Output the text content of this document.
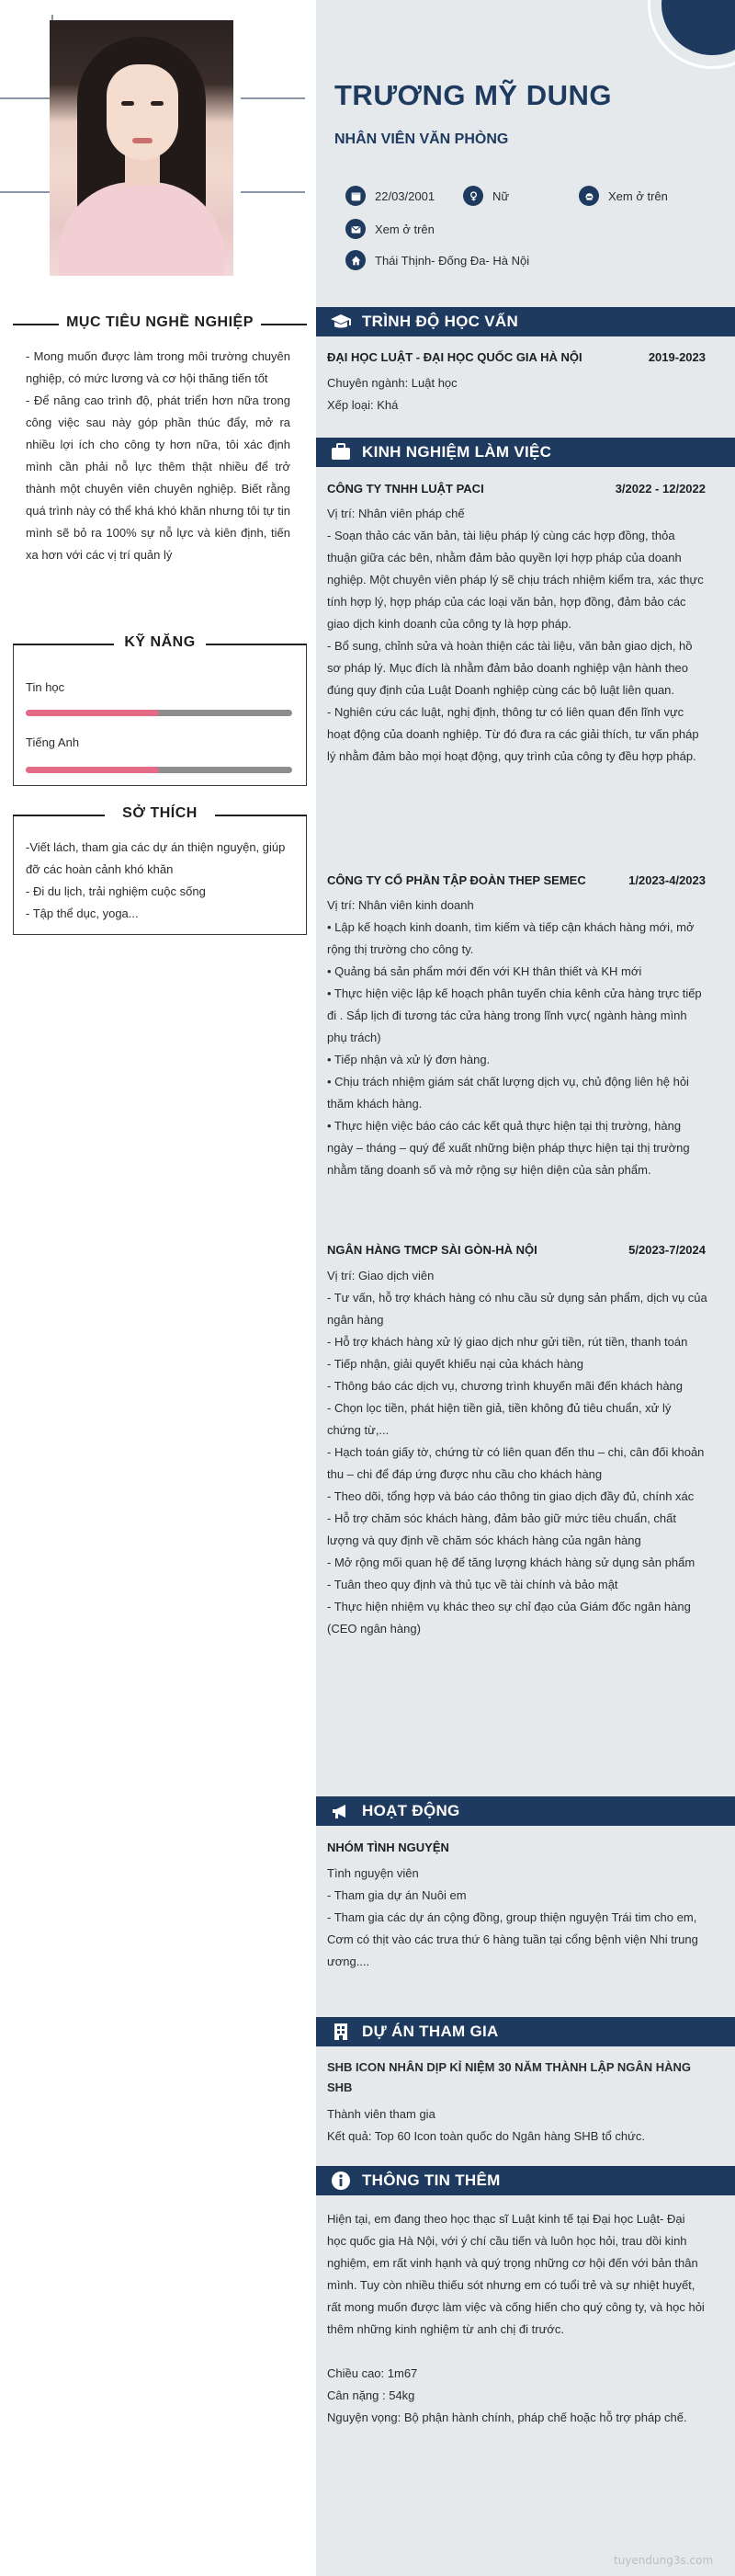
MỤC TIÊU NGHỀ NGHIỆP

- Mong muốn được làm trong môi trường chuyên nghiệp, có mức lương và cơ hội thăng tiến tốt

- Để nâng cao trình độ, phát triển hơn nữa trong công việc sau này góp phần thúc đẩy, mở ra nhiều lợi ích cho công ty hơn nữa, tôi xác định mình cần phải nỗ lực thêm thật nhiều để trở thành một chuyên viên chuyên nghiệp. Biết rằng quá trình này có thể khá khó khăn nhưng tôi tự tin mình sẽ bỏ ra 100% sự nỗ lực và kiên định, tiến xa hơn với các vị trí quản lý

KỸ NĂNG
Tin học
Tiếng Anh
SỞ THÍCH

-Viết lách, tham gia các dự án thiện nguyện, giúp đỡ các hoàn cảnh khó khăn

- Đi du lịch, trải nghiệm cuộc sống

- Tập thể dục, yoga...

TRƯƠNG MỸ DUNG
NHÂN VIÊN VĂN PHÒNG
22/03/2001	Nữ	Xem ở trên
Xem ở trên
Thái Thịnh- Đống Đa- Hà Nội
TRÌNH ĐỘ HỌC VẤN
ĐẠI HỌC LUẬT - ĐẠI HỌC QUỐC GIA HÀ NỘI	2019-2023

Chuyên ngành: Luật học

Xếp loại: Khá

KINH NGHIỆM LÀM VIỆC
CÔNG TY TNHH LUẬT PACI	3/2022 - 12/2022

Vị trí: Nhân viên pháp chế

- Soạn thảo các văn bản, tài liệu pháp lý cùng các hợp đồng, thỏa thuận giữa các bên, nhằm đảm bảo quyền lợi hợp pháp của doanh nghiệp. Một chuyên viên pháp lý sẽ chịu trách nhiệm kiểm tra, xác thực tính hợp lý, hợp pháp của các loại văn bản, hợp đồng, đảm bảo các giao dịch kinh doanh của công ty là hợp pháp.

- Bổ sung, chỉnh sửa và hoàn thiện các tài liệu, văn bản giao dịch, hồ sơ pháp lý. Mục đích là nhằm đảm bảo doanh nghiệp vận hành theo đúng quy định của Luật Doanh nghiệp cùng các bộ luật liên quan.

- Nghiên cứu các luật, nghị định, thông tư có liên quan đến lĩnh vực hoạt động của doanh nghiệp. Từ đó đưa ra các giải thích, tư vấn pháp lý nhằm đảm bảo mọi hoạt động, quy trình của công ty đều hợp pháp.

CÔNG TY CỔ PHẦN TẬP ĐOÀN THEP SEMEC	1/2023-4/2023

Vị trí: Nhân viên kinh doanh

• Lập kế hoạch kinh doanh, tìm kiếm và tiếp cận khách hàng mới, mở rộng thị trường cho công ty.

• Quảng bá sản phẩm mới đến với KH thân thiết và KH mới

• Thực hiện việc lập kế hoạch phân tuyến chia kênh cửa hàng trực tiếp đi . Sắp lịch đi tương tác cửa hàng trong lĩnh vực( ngành hàng mình phụ trách)

• Tiếp nhận và xử lý đơn hàng.

• Chịu trách nhiệm giám sát chất lượng dịch vụ, chủ động liên hệ hỏi thăm khách hàng.

• Thực hiện việc báo cáo các kết quả thực hiện tại thị trường, hàng ngày – tháng – quý để xuất những biện pháp thực hiện tại thị trường nhằm tăng doanh số và mở rộng sự hiện diện của sản phẩm.

NGÂN HÀNG TMCP SÀI GÒN-HÀ NỘI	5/2023-7/2024

Vị trí: Giao dịch viên

- Tư vấn, hỗ trợ khách hàng có nhu cầu sử dụng sản phẩm, dịch vụ của ngân hàng

- Hỗ trợ khách hàng xử lý giao dịch như gửi tiền, rút tiền, thanh toán

- Tiếp nhận, giải quyết khiếu nại của khách hàng

- Thông báo các dịch vụ, chương trình khuyến mãi đến khách hàng

- Chọn lọc tiền, phát hiện tiền giả, tiền không đủ tiêu chuẩn, xử lý chứng từ,...

- Hạch toán giấy tờ, chứng từ có liên quan đến thu – chi, cân đối khoản thu – chi để đáp ứng được nhu cầu cho khách hàng

- Theo dõi, tổng hợp và báo cáo thông tin giao dịch đầy đủ, chính xác

- Hỗ trợ chăm sóc khách hàng, đảm bảo giữ mức tiêu chuẩn, chất lượng và quy định về chăm sóc khách hàng của ngân hàng

- Mở rộng mối quan hệ để tăng lượng khách hàng sử dụng sản phẩm

- Tuân theo quy định và thủ tục về tài chính và bảo mật

- Thực hiện nhiệm vụ khác theo sự chỉ đạo của Giám đốc ngân hàng (CEO ngân hàng)

HOẠT ĐỘNG
NHÓM TÌNH NGUYỆN

Tình nguyện viên

- Tham gia dự án Nuôi em

- Tham gia các dự án cộng đồng, group thiện nguyện Trái tim cho em, Cơm có thịt vào các trưa thứ 6 hàng tuần tại cổng bệnh viện Nhi trung ương....

DỰ ÁN THAM GIA
SHB ICON NHÂN DỊP KỈ NIỆM 30 NĂM THÀNH LẬP NGÂN HÀNG SHB

Thành viên tham gia

Kết quả: Top 60 Icon toàn quốc do Ngân hàng SHB tổ chức.

THÔNG TIN THÊM

Hiện tại, em đang theo học thạc sĩ Luật kinh tế tại Đại học Luật- Đại học quốc gia Hà Nội, với ý chí cầu tiến và luôn học hỏi, trau dồi kinh nghiệm, em rất vinh hạnh và quý trọng những cơ hội đến với bản thân mình. Tuy còn nhiều thiếu sót nhưng em có tuổi trẻ và sự nhiệt huyết, rất mong muốn được làm việc và cống hiến cho quý công ty, và học hỏi thêm những kinh nghiệm từ anh chị đi trước.

Chiều cao: 1m67

Cân nặng : 54kg

Nguyện vọng: Bộ phận hành chính, pháp chế hoặc hỗ trợ pháp chế.

tuyendung3s.com
